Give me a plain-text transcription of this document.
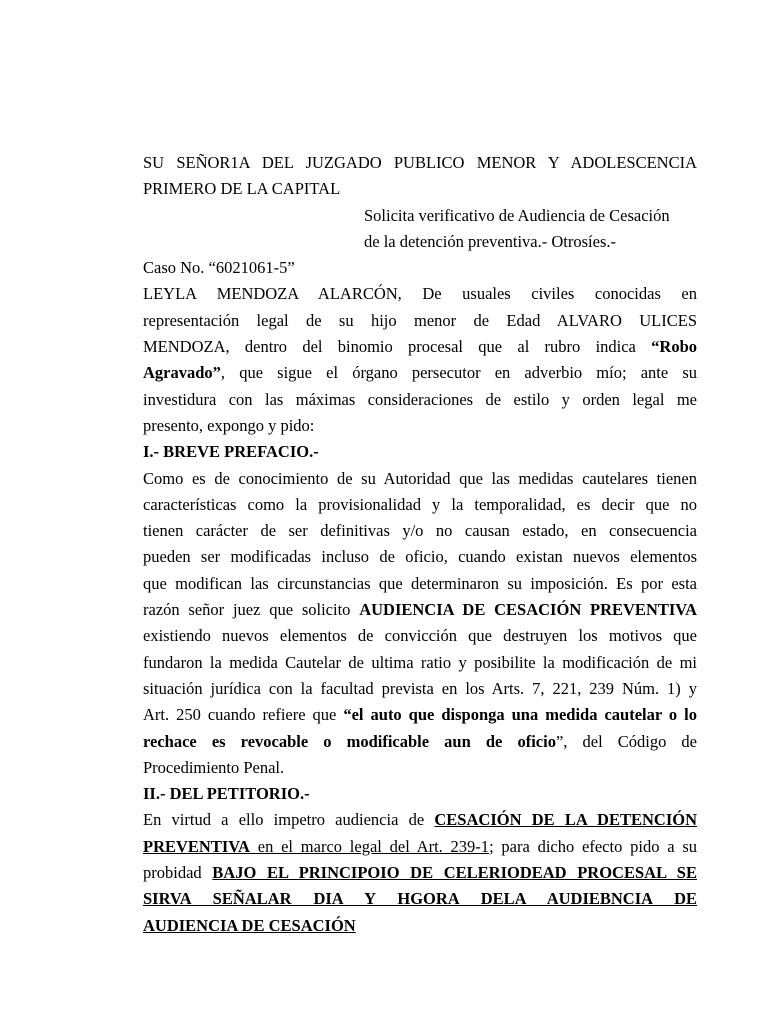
SU SEÑOR1A DEL JUZGADO PUBLICO MENOR Y ADOLESCENCIA
PRIMERO DE LA CAPITAL
Solicita verificativo de Audiencia de Cesación
de la detención preventiva.- Otrosíes.-
Caso No. “6021061-5”
LEYLA MENDOZA ALARCÓN, De usuales civiles conocidas en
representación legal de su hijo menor de Edad ALVARO ULICES
MENDOZA, dentro del binomio procesal que al rubro indica “Robo
Agravado”, que sigue el órgano persecutor en adverbio mío; ante su
investidura con las máximas consideraciones de estilo y orden legal me
presento, expongo y pido:
I.- BREVE PREFACIO.-
Como es de conocimiento de su Autoridad que las medidas cautelares tienen
características como la provisionalidad y la temporalidad, es decir que no
tienen carácter de ser definitivas y/o no causan estado, en consecuencia
pueden ser modificadas incluso de oficio, cuando existan nuevos elementos
que modifican las circunstancias que determinaron su imposición. Es por esta
razón señor juez que solicito AUDIENCIA DE CESACIÓN PREVENTIVA
existiendo nuevos elementos de convicción que destruyen los motivos que
fundaron la medida Cautelar de ultima ratio y posibilite la modificación de mi
situación jurídica con la facultad prevista en los Arts. 7, 221, 239 Núm. 1) y
Art. 250 cuando refiere que “el auto que disponga una medida cautelar o lo
rechace es revocable o modificable aun de oficio”, del Código de
Procedimiento Penal.
II.- DEL PETITORIO.-
En virtud a ello impetro audiencia de CESACIÓN DE LA DETENCIÓN
PREVENTIVA en el marco legal del Art. 239-1; para dicho efecto pido a su
probidad BAJO EL PRINCIPOIO DE CELERIODEAD PROCESAL SE
SIRVA SEÑALAR DIA Y HGORA DELA AUDIEBNCIA DE
AUDIENCIA DE CESACIÓN
